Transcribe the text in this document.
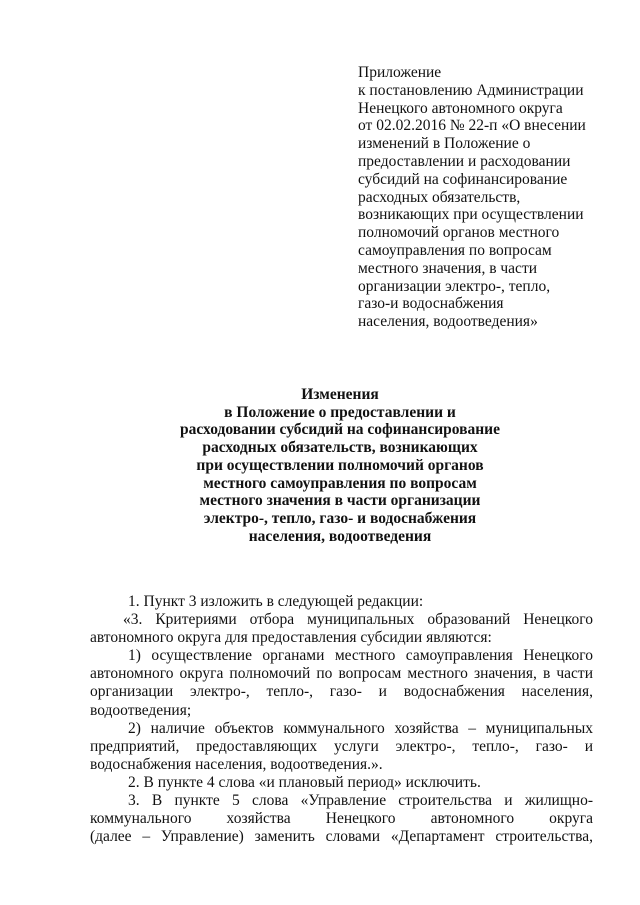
Приложение
к постановлению Администрации
Ненецкого автономного округа
от 02.02.2016 № 22-п «О внесении
изменений в Положение о
предоставлении и расходовании
субсидий на софинансирование
расходных обязательств,
возникающих при осуществлении
полномочий органов местного
самоуправления по вопросам
местного значения, в части
организации электро-, тепло,
газо-и водоснабжения
населения, водоотведения»
Изменения
в Положение о предоставлении и
расходовании субсидий на софинансирование
расходных обязательств, возникающих
при осуществлении полномочий органов
местного самоуправления по вопросам
местного значения в части организации
электро-, тепло, газо- и водоснабжения
населения, водоотведения
1. Пункт 3 изложить в следующей редакции:
«3. Критериями отбора муниципальных образований Ненецкого
автономного округа для предоставления субсидии являются:
1) осуществление органами местного самоуправления Ненецкого
автономного округа полномочий по вопросам местного значения, в части
организации электро-, тепло-, газо- и водоснабжения населения,
водоотведения;
2) наличие объектов коммунального хозяйства – муниципальных
предприятий, предоставляющих услуги электро-, тепло-, газо- и
водоснабжения населения, водоотведения.».
2. В пункте 4 слова «и плановый период» исключить.
3. В пункте 5 слова «Управление строительства и жилищно-
коммунального хозяйства Ненецкого автономного округа
(далее – Управление) заменить словами «Департамент строительства,
